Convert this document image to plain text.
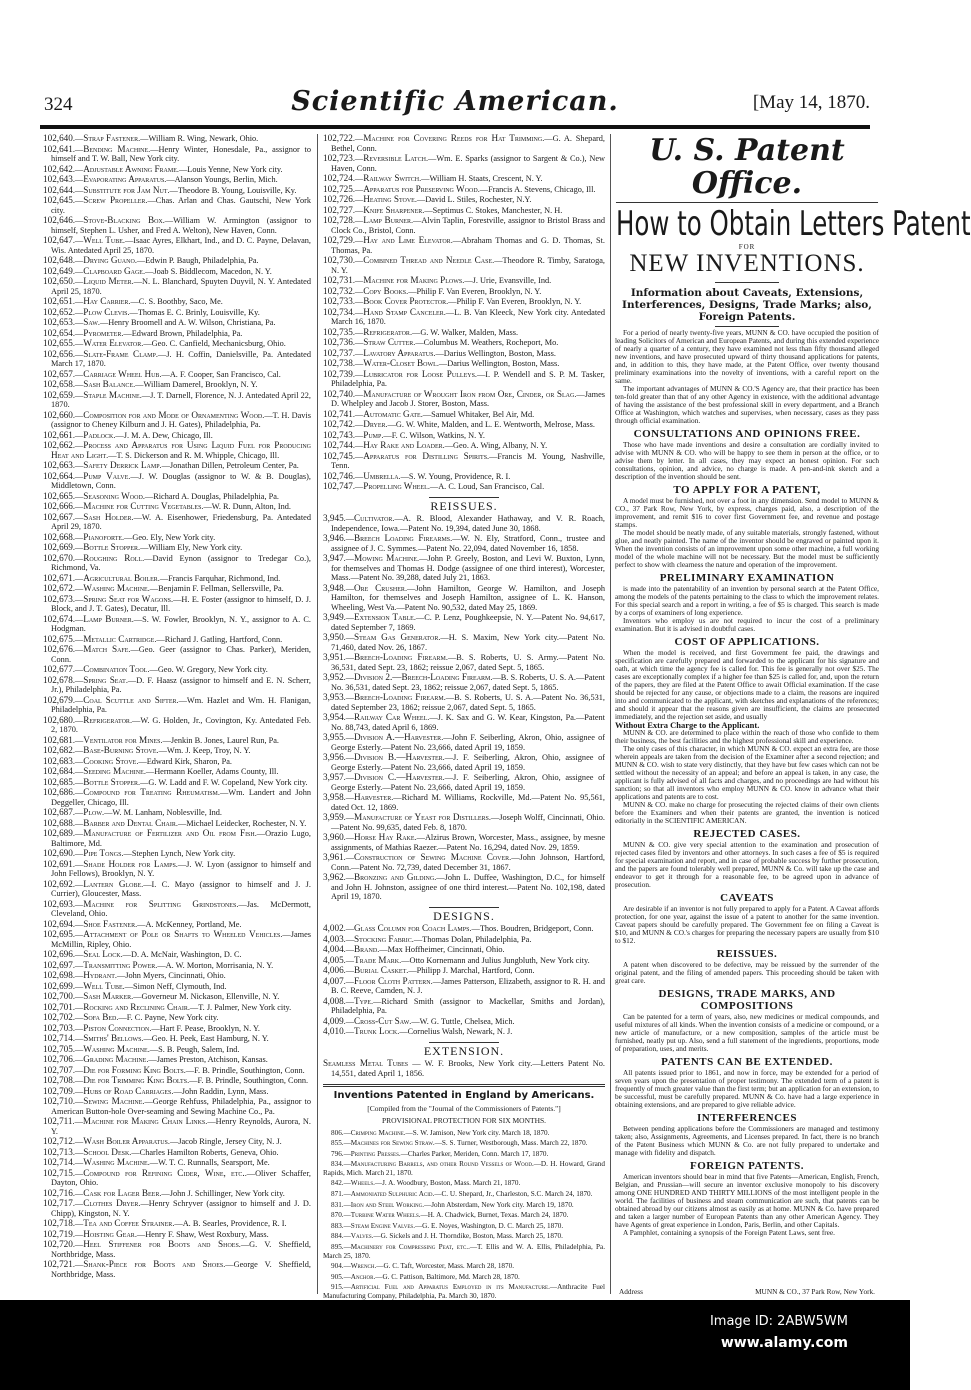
324	Scientific American.	[May 14, 1870.
102,640.—Strap Fastener.—William R. Wing, Newark, Ohio.
102,641.—Bending Machine.—Henry Winter, Honesdale, Pa., assignor to himself and T. W. Ball, New York city.
102,642.—Adjustable Awning Frame.—Louis Yenne, New York city.
102,643.—Evaporating Apparatus.—Alanson Youngs, Berlin, Mich.
102,644.—Substitute for Jam Nut.—Theodore B. Young, Louisville, Ky.
102,645.—Screw Propeller.—Chas. Arlan and Chas. Gautschi, New York city.
102,646.—Stove-Blacking Box.—William W. Armington (assignor to himself, Stephen L. Usher, and Fred A. Welton), New Haven, Conn.
102,647.—Well Tube.—Isaac Ayres, Elkhart, Ind., and D. C. Payne, Delavan, Wis. Antedated April 25, 1870.
102,648.—Drying Guano.—Edwin P. Baugh, Philadelphia, Pa.
102,649.—Clapboard Gage.—Joab S. Biddlecom, Macedon, N. Y.
102,650.—Liquid Meter.—N. L. Blanchard, Spuyten Duyvil, N. Y. Antedated April 25, 1870.
102,651.—Hay Carrier.—C. S. Boothby, Saco, Me.
102,652.—Plow Clevis.—Thomas E. C. Brinly, Louisville, Ky.
102,653.—Saw.—Henry Broomell and A. W. Wilson, Christiana, Pa.
102,654.—Pyrometer.—Edward Brown, Philadelphia, Pa.
102,655.—Water Elevator.—Geo. C. Canfield, Mechanicsburg, Ohio.
102,656.—Slate-Frame Clamp.—J. H. Coffin, Danielsville, Pa. Antedated March 17, 1870.
102,657.—Carriage Wheel Hub.—A. F. Cooper, San Francisco, Cal.
102,658.—Sash Balance.—William Damerel, Brooklyn, N. Y.
102,659.—Staple Machine.—J. T. Darnell, Florence, N. J. Antedated April 22, 1870.
102,660.—Composition for and Mode of Ornamenting Wood.—T. H. Davis (assignor to Cheney Kilburn and J. H. Gates), Philadelphia, Pa.
102,661.—Padlock.—J. M. A. Dew, Chicago, Ill.
102,662.—Process and Apparatus for Using Liquid Fuel for Producing Heat and Light.—T. S. Dickerson and R. M. Whipple, Chicago, Ill.
102,663.—Safety Derrick Lamp.—Jonathan Dillen, Petroleum Center, Pa.
102,664.—Pump Valve.—J. W. Douglas (assignor to W. & B. Douglas), Middletown, Conn.
102,665.—Seasoning Wood.—Richard A. Douglas, Philadelphia, Pa.
102,666.—Machine for Cutting Vegetables.—W. R. Dunn, Alton, Ind.
102,667.—Sash Holder.—W. A. Eisenhower, Friedensburg, Pa. Antedated April 29, 1870.
102,668.—Pianoforte.—Geo. Ely, New York city.
102,669.—Bottle Stopper.—William Ely, New York city.
102,670.—Roughing Roll.—David Eynon (assignor to Tredegar Co.), Richmond, Va.
102,671.—Agricultural Boiler.—Francis Farquhar, Richmond, Ind.
102,672.—Washing Machine.—Benjamin F. Fellman, Sellersville, Pa.
102,673.—Spring Seat for Wagons.—H. E. Foster (assignor to himself, D. J. Block, and J. T. Gates), Decatur, Ill.
102,674.—Lamp Burner.—S. W. Fowler, Brooklyn, N. Y., assignor to A. C. Hodgman.
102,675.—Metallic Cartridge.—Richard J. Gatling, Hartford, Conn.
102,676.—Match Safe.—Geo. Geer (assignor to Chas. Parker), Meriden, Conn.
102,677.—Combination Tool.—Geo. W. Gregory, New York city.
102,678.—Spring Seat.—D. F. Haasz (assignor to himself and E. N. Scherr, Jr.), Philadelphia, Pa.
102,679.—Coal Scuttle and Sifter.—Wm. Hazlet and Wm. H. Flanigan, Philadelphia, Pa.
102,680.—Refrigerator.—W. G. Holden, Jr., Covington, Ky. Antedated Feb. 2, 1870.
102,681.—Ventilator for Mines.—Jenkin B. Jones, Laurel Run, Pa.
102,682.—Base-Burning Stove.—Wm. J. Keep, Troy, N. Y.
102,683.—Cooking Stove.—Edward Kirk, Sharon, Pa.
102,684.—Seeding Machine.—Hermann Koeller, Adams County, Ill.
102,685.—Bottle Stopper.—G. W. Ladd and F. W. Copeland, New York city.
102,686.—Compound for Treating Rheumatism.—Wm. Landert and John Deggeller, Chicago, Ill.
102,687.—Plow.—W. M. Lanham, Noblesville, Ind.
102,688.—Barber and Dental Chair.—Michael Leidecker, Rochester, N. Y.
102,689.—Manufacture of Fertilizer and Oil from Fish.—Orazio Lugo, Baltimore, Md.
102,690.—Pipe Tongs.—Stephen Lynch, New York city.
102,691.—Shade Holder for Lamps.—J. W. Lyon (assignor to himself and John Fellows), Brooklyn, N. Y.
102,692.—Lantern Globe.—I. C. Mayo (assignor to himself and J. J. Currier), Gloucester, Mass.
102,693.—Machine for Splitting Grindstones.—Jas. McDermott, Cleveland, Ohio.
102,694.—Shoe Fastener.—A. McKenney, Portland, Me.
102,695.—Attachment of Pole or Shafts to Wheeled Vehicles.—James McMillin, Ripley, Ohio.
102,696.—Seal Lock.—D. A. McNair, Washington, D. C.
102,697.—Transmitting Power.—A. W. Morton, Morrisania, N. Y.
102,698.—Hydrant.—John Myers, Cincinnati, Ohio.
102,699.—Well Tube.—Simon Neff, Clymouth, Ind.
102,700.—Sash Marker.—Governeur M. Nickason, Ellenville, N. Y.
102,701.—Rocking and Reclining Chair.—T. J. Palmer, New York city.
102,702.—Sofa Bed.—F. C. Payne, New York city.
102,703.—Piston Connection.—Hart F. Pease, Brooklyn, N. Y.
102,714.—Smiths' Bellows.—Geo. H. Peek, East Hamburg, N. Y.
102,705.—Washing Machine.—S. B. Peugh, Salem, Ind.
102,706.—Grading Machine.—James Preston, Atchison, Kansas.
102,707.—Die for Forming King Bolts.—F. B. Prindle, Southington, Conn.
102,708.—Die for Trimming King Bolts.—F. B. Prindle, Southington, Conn.
102,709.—Hubs of Road Carriages.—John Raddin, Lynn, Mass.
102,710.—Sewing Machine.—George Rehfuss, Philadelphia, Pa., assignor to American Button-hole Over-seaming and Sewing Machine Co., Pa.
102,711.—Machine for Making Chain Links.—Henry Reynolds, Aurora, N. Y.
102,712.—Wash Boiler Apparatus.—Jacob Ringle, Jersey City, N. J.
102,713.—School Desk.—Charles Hamilton Roberts, Geneva, Ohio.
102,714.—Washing Machine.—W. T. C. Runnalls, Searsport, Me.
102,715.—Compound for Refining Cider, Wine, etc..—Oliver Schaffer, Dayton, Ohio.
102,716.—Cask for Lager Beer.—John J. Schillinger, New York city.
102,717.—Clothes Dryer.—Henry Schryver (assignor to himself and J. D. Chipp), Kingston, N. Y.
102,718.—Tea and Coffee Strainer.—A. B. Searles, Providence, R. I.
102,719.—Hoisting Gear.—Henry F. Shaw, West Roxbury, Mass.
102,720.—Heel Stiffener for Boots and Shoes.—G. V. Sheffield, Northbridge, Mass.
102,721.—Shank-Piece for Boots and Shoes.—George V. Sheffield, Northbridge, Mass.
102,722.—Machine for Covering Reeds for Hat Trimming.—G. A. Shepard, Bethel, Conn.
102,723.—Reversible Latch.—Wm. E. Sparks (assignor to Sargent & Co.), New Haven, Conn.
102,724.—Railway Switch.—William H. Staats, Crescent, N. Y.
102,725.—Apparatus for Preserving Wood.—Francis A. Stevens, Chicago, Ill.
102,726.—Heating Stove.—David L. Stiles, Rochester, N.Y.
102,727.—Knife Sharpener.—Septimus C. Stokes, Manchester, N. H.
102,728.—Lamp Burner.—Alvin Taplin, Forestville, assignor to Bristol Brass and Clock Co., Bristol, Conn.
102,729.—Hay and Lime Elevator.—Abraham Thomas and G. D. Thomas, St. Thomas, Pa.
102,730.—Combined Thread and Needle Case.—Theodore R. Timby, Saratoga, N. Y.
102,731.—Machine for Making Plows.—J. Urie, Evansville, Ind.
102,732.—Copy Books.—Philip F. Van Everen, Brooklyn, N. Y.
102,733.—Book Cover Protector.—Philip F. Van Everen, Brooklyn, N. Y.
102,734.—Hand Stamp Canceler.—L. B. Van Kleeck, New York city. Antedated March 16, 1870.
102,735.—Refrigerator.—G. W. Walker, Malden, Mass.
102,736.—Straw Cutter.—Columbus M. Weathers, Rocheport, Mo.
102,737.—Lavatory Apparatus.—Darius Wellington, Boston, Mass.
102,738.—Water-Closet Bowl.—Darius Wellington, Boston, Mass.
102,739.—Lubricator for Loose Pulleys.—I. P. Wendell and S. P. M. Tasker, Philadelphia, Pa.
102,740.—Manufacture of Wrought Iron from Ore, Cinder, or Slag.—James D. Whelpley and Jacob J. Storer, Boston, Mass.
102,741.—Automatic Gate.—Samuel Whitaker, Bel Air, Md.
102,742.—Dryer.—G. W. White, Malden, and L. E. Wentworth, Melrose, Mass.
102,743.—Pump.—F. C. Wilson, Watkins, N. Y.
102,744.—Hay Rake and Loader.—Geo. A. Wing, Albany, N. Y.
102,745.—Apparatus for Distilling Spirits.—Francis M. Young, Nashville, Tenn.
102,746.—Umbrella.—S. W. Young, Providence, R. I.
102,747.—Propelling Wheel.—A. C. Loud, San Francisco, Cal.
REISSUES.
3,945.—Cultivator.—A. R. Blood, Alexander Hathaway, and V. R. Roach, Independence, Iowa.—Patent No. 19,394, dated June 30, 1868.
3,946.—Breech Loading Firearms.—W. N. Ely, Stratford, Conn., trustee and assignee of J. C. Symmes.—Patent No. 22,094, dated November 16, 1858.
3,947.—Mowing Machine.—John P. Greely, Boston, and Levi W. Buxton, Lynn, for themselves and Thomas H. Dodge (assignee of one third interest), Worcester, Mass.—Patent No. 39,288, dated July 21, 1863.
3,948.—Ore Crusher.—John Hamilton, George W. Hamilton, and Joseph Hamilton, for themselves and Joseph Hamilton, assignee of L. K. Hanson, Wheeling, West Va.—Patent No. 90,532, dated May 25, 1869.
3,949.—Extension Table.—C. P. Lenz, Poughkeepsie, N. Y.—Patent No. 94,617, dated September 7, 1869.
3,950.—Steam Gas Generator.—H. S. Maxim, New York city.—Patent No. 71,460, dated Nov. 26, 1867.
3,951.—Breech-Loading Firearm.—B. S. Roberts, U. S. Army.—Patent No. 36,531, dated Sept. 23, 1862; reissue 2,067, dated Sept. 5, 1865.
3,952.—Division 2.—Breech-Loading Firearm.—B. S. Roberts, U. S. A.—Patent No. 36,531, dated Sept. 23, 1862; reissue 2,067, dated Sept. 5, 1865.
3,953.—Breech-Loading Firearm.—B. S. Roberts, U. S. A.—Patent No. 36,531, dated September 23, 1862; reissue 2,067, dated Sept. 5, 1865.
3,954.—Railway Car Wheel.—J. K. Sax and G. W. Kear, Kingston, Pa.—Patent No. 88,743, dated April 6, 1869.
3,955.—Division A.—Harvester.—John F. Seiberling, Akron, Ohio, assignee of George Esterly.—Patent No. 23,666, dated April 19, 1859.
3,956.—Division B.—Harvester.—J. F. Seiberling, Akron, Ohio, assignee of George Esterly.—Patent No. 23,666, dated April 19, 1859.
3,957.—Division C.—Harvester.—J. F. Seiberling, Akron, Ohio, assignee of George Esterly.—Patent No. 23,666, dated April 19, 1859.
3,958.—Harvester.—Richard M. Williams, Rockville, Md.—Patent No. 95,561, dated Oct. 12, 1869.
3,959.—Manufacture of Yeast for Distillers.—Joseph Wolff, Cincinnati, Ohio.—Patent No. 99,635, dated Feb. 8, 1870.
3,960.—Horse Hay Rake.—Alzirus Brown, Worcester, Mass., assignee, by mesne assignments, of Mathias Raezer.—Patent No. 16,294, dated Nov. 29, 1859.
3,961.—Construction of Sewing Machine Cover.—John Johnson, Hartford, Conn.—Patent No. 72,739, dated December 31, 1867.
3,962.—Bronzing and Gilding.—John L. Duffee, Washington, D.C., for himself and John H. Johnston, assignee of one third interest.—Patent No. 102,198, dated April 19, 1870.
DESIGNS.
4,002.—Glass Column for Coach Lamps.—Thos. Boudren, Bridgeport, Conn.
4,003.—Stocking Fabric.—Thomas Dolan, Philadelphia, Pa.
4,004.—Brand.—Max Hoffheimer, Cincinnati, Ohio.
4,005.—Trade Mark.—Otto Kornemann and Julius Jungbluth, New York city.
4,006.—Burial Casket.—Philipp J. Marchal, Hartford, Conn.
4,007.—Floor Cloth Pattern.—James Patterson, Elizabeth, assignor to R. H. and B. C. Reeve, Camden, N. J.
4,008.—Type.—Richard Smith (assignor to Mackellar, Smiths and Jordan), Philadelphia, Pa.
4,009.—Cross-Cut Saw.—W. G. Tuttle, Chelsea, Mich.
4,010.—Trunk Lock.—Cornelius Walsh, Newark, N. J.
EXTENSION.
Seamless Metal Tubes — W. F. Brooks, New York city.—Letters Patent No. 14,551, dated April 1, 1856.
Inventions Patented in England by Americans.
[Compiled from the "Journal of the Commissioners of Patents."]
PROVISIONAL PROTECTION FOR SIX MONTHS.
806.—Crimping Machine.—S. W. Jamison, New York city. March 18, 1870.
855.—Machines for Sewing Straw.—S. S. Turner, Westborough, Mass. March 22, 1870.
796.—Printing Presses.—Charles Parker, Meriden, Conn. March 17, 1870.
834.—Manufacturing Barrels, and other Round Vessels of Wood.—D. H. Howard, Grand Rapids, Mich. March 21, 1870.
842.—Wheels.—J. A. Woodbury, Boston, Mass. March 21, 1870.
871.—Ammoniated Sulphuric Acid.—C. U. Shepard, Jr., Charleston, S.C. March 24, 1870.
831.—Iron and Steel Working.—John Absterdam, New York city. March 19, 1870.
870.—Turbine Water Wheels.—H. A. Chadwick, Burnet, Texas. March 24, 1870.
883.—Steam Engine Valves.—G. E. Noyes, Washington, D. C. March 25, 1870.
884.—Valves.—G. Sickels and J. H. Thorndike, Boston, Mass. March 25, 1870.
895.—Machinery for Compressing Peat, etc..—T. Ellis and W. A. Ellis, Philadelphia, Pa. March 25, 1870.
904.—Wrench.—G. C. Taft, Worcester, Mass. March 28, 1870.
905.—Anchor.—G. C. Pattison, Baltimore, Md. March 28, 1870.
915.—Artificial Fuel and Apparatus Employed in its Manufacture.—Anthracite Fuel Manufacturing Company, Philadelphia, Pa. March 30, 1870.
U. S. Patent Office.
How to Obtain Letters Patent
FOR
NEW INVENTIONS.
Information about Caveats, Extensions, Interferences, Designs, Trade Marks; also, Foreign Patents.

For a period of nearly twenty-five years, MUNN & CO. have occupied the position of leading Solicitors of American and European Patents, and during this extended experience of nearly a quarter of a century, they have examined not less than fifty thousand alleged new inventions, and have prosecuted upward of thirty thousand applications for patents, and, in addition to this, they have made, at the Patent Office, over twenty thousand preliminary examinations into the novelty of inventions, with a careful report on the same.

The important advantages of MUNN & CO.'S Agency are, that their practice has been ten-fold greater than that of any other Agency in existence, with the additional advantage of having the assistance of the best professional skill in every department, and a Branch Office at Washington, which watches and supervises, when necessary, cases as they pass through official examination.

CONSULTATIONS AND OPINIONS FREE.

Those who have made inventions and desire a consultation are cordially invited to advise with MUNN & CO. who will be happy to see them in person at the office, or to advise them by letter. In all cases, they may expect an honest opinion. For such consultations, opinion, and advice, no charge is made. A pen-and-ink sketch and a description of the invention should be sent.

TO APPLY FOR A PATENT,

A model must be furnished, not over a foot in any dimension. Send model to MUNN & CO., 37 Park Row, New York, by express, charges paid, also, a description of the improvement, and remit $16 to cover first Government fee, and revenue and postage stamps.

The model should be neatly made, of any suitable materials, strongly fastened, without glue, and neatly painted. The name of the inventor should be engraved or painted upon it. When the invention consists of an improvement upon some other machine, a full working model of the whole machine will not be necessary. But the model must be sufficiently perfect to show with clearness the nature and operation of the improvement.

PRELIMINARY EXAMINATION

is made into the patentability of an invention by personal search at the Patent Office, among the models of the patents pertaining to the class to which the improvement relates. For this special search and a report in writing, a fee of $5 is charged. This search is made by a corps of examiners of long experience.

Inventors who employ us are not required to incur the cost of a preliminary examination. But it is advised in doubtful cases.

COST OF APPLICATIONS.

When the model is received, and first Government fee paid, the drawings and specification are carefully prepared and forwarded to the applicant for his signature and oath, at which time the agency fee is called for. This fee is generally not over $25. The cases are exceptionally complex if a higher fee than $25 is called for, and, upon the return of the papers, they are filed at the Patent Office to await Official examination. If the case should be rejected for any cause, or objections made to a claim, the reasons are inquired into and communicated to the applicant, with sketches and explanations of the references; and should it appear that the reasons given are insufficient, the claims are prosecuted immediately, and the rejection set aside, and usually

Without Extra Charge to the Applicant.

MUNN & CO. are determined to place within the reach of those who confide to them their business, the best facilities and the highest professional skill and experience.

The only cases of this character, in which MUNN & CO. expect an extra fee, are those wherein appeals are taken from the decision of the Examiner after a second rejection; and MUNN & CO. wish to state very distinctly, that they have but few cases which can not be settled without the necessity of an appeal; and before an appeal is taken, in any case, the applicant is fully advised of all facts and charges, and no proceedings are had without his sanction; so that all inventors who employ MUNN & CO. know in advance what their applications and patents are to cost.

MUNN & CO. make no charge for prosecuting the rejected claims of their own clients before the Examiners and when their patents are granted, the invention is noticed editorially in the SCIENTIFIC AMERICAN.

REJECTED CASES.

MUNN & CO. give very special attention to the examination and prosecution of rejected cases filed by inventors and other attorneys. In such cases a fee of $5 is required for special examination and report, and in case of probable success by further prosecution, and the papers are found tolerably well prepared, MUNN & Co. will take up the case and endeavor to get it through for a reasonable fee, to be agreed upon in advance of prosecution.

CAVEATS

Are desirable if an inventor is not fully prepared to apply for a Patent. A Caveat affords protection, for one year, against the issue of a patent to another for the same invention. Caveat papers should be carefully prepared. The Government fee on filing a Caveat is $10, and MUNN & CO.'s charges for preparing the necessary papers are usually from $10 to $12.

REISSUES.

A patent when discovered to be defective, may be reissued by the surrender of the original patent, and the filing of amended papers. This proceeding should be taken with great care.

DESIGNS, TRADE MARKS, AND COMPOSITIONS

Can be patented for a term of years, also, new medicines or medical compounds, and useful mixtures of all kinds. When the invention consists of a medicine or compound, or a new article of manufacture, or a new composition, samples of the article must be furnished, neatly put up. Also, send a full statement of the ingredients, proportions, mode of preparation, uses, and merits.

PATENTS CAN BE EXTENDED.

All patents issued prior to 1861, and now in force, may be extended for a period of seven years upon the presentation of proper testimony. The extended term of a patent is frequently of much greater value than the first term; but an application for an extension, to be successful, must be carefully prepared. MUNN & Co. have had a large experience in obtaining extensions, and are prepared to give reliable advice.

INTERFERENCES

Between pending applications before the Commissioners are managed and testimony taken; also, Assignments, Agreements, and Licenses prepared. In fact, there is no branch of the Patent Business which MUNN & Co. are not fully prepared to undertake and manage with fidelity and dispatch.

FOREIGN PATENTS.

American inventors should bear in mind that five Patents—American, English, French, Belgian, and Prussian—will secure an inventor exclusive monopoly to his discovery among ONE HUNDRED AND THIRTY MILLIONS of the most intelligent people in the world. The facilities of business and steam communication are such, that patents can be obtained abroad by our citizens almost as easily as at home. MUNN & Co. have prepared and taken a larger number of European Patents than any other American Agency. They have Agents of great experience in London, Paris, Berlin, and other Capitals.

A Pamphlet, containing a synopsis of the Foreign Patent Laws, sent free.

Address	MUNN & CO., 37 Park Row, New York.
Image ID: 2ABW5WM
www.alamy.com
